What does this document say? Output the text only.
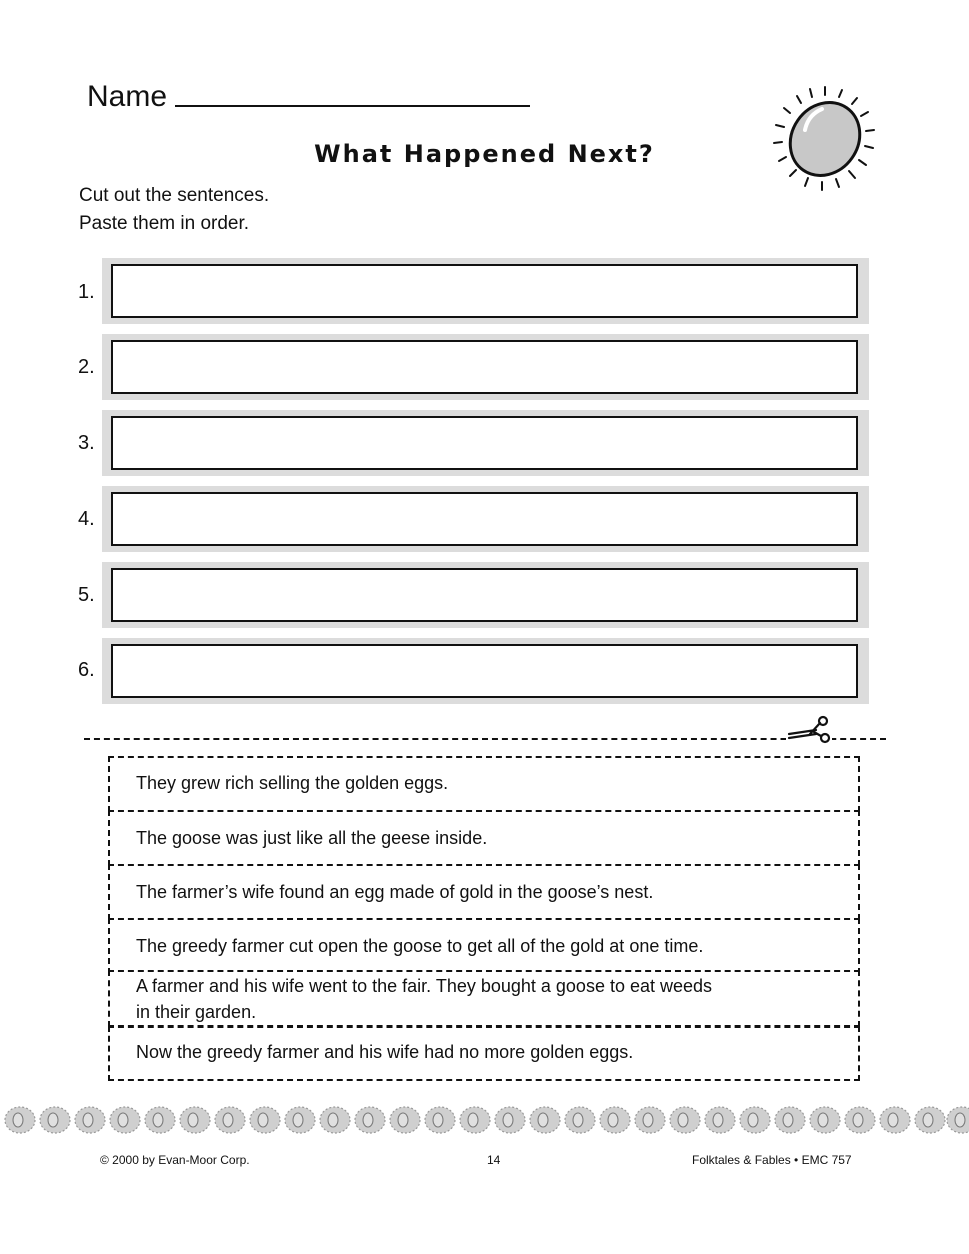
Name
What Happened Next?
Cut out the sentences.
Paste them in order.
1.
2.
3.
4.
5.
6.
They grew rich selling the golden eggs.
The goose was just like all the geese inside.
The farmer’s wife found an egg made of gold in the goose’s nest.
The greedy farmer cut open the goose to get all of the gold at one time.
A farmer and his wife went to the fair. They bought a goose to eat weeds
in their garden.
Now the greedy farmer and his wife had no more golden eggs.
© 2000 by Evan-Moor Corp.	14	Folktales & Fables • EMC 757
